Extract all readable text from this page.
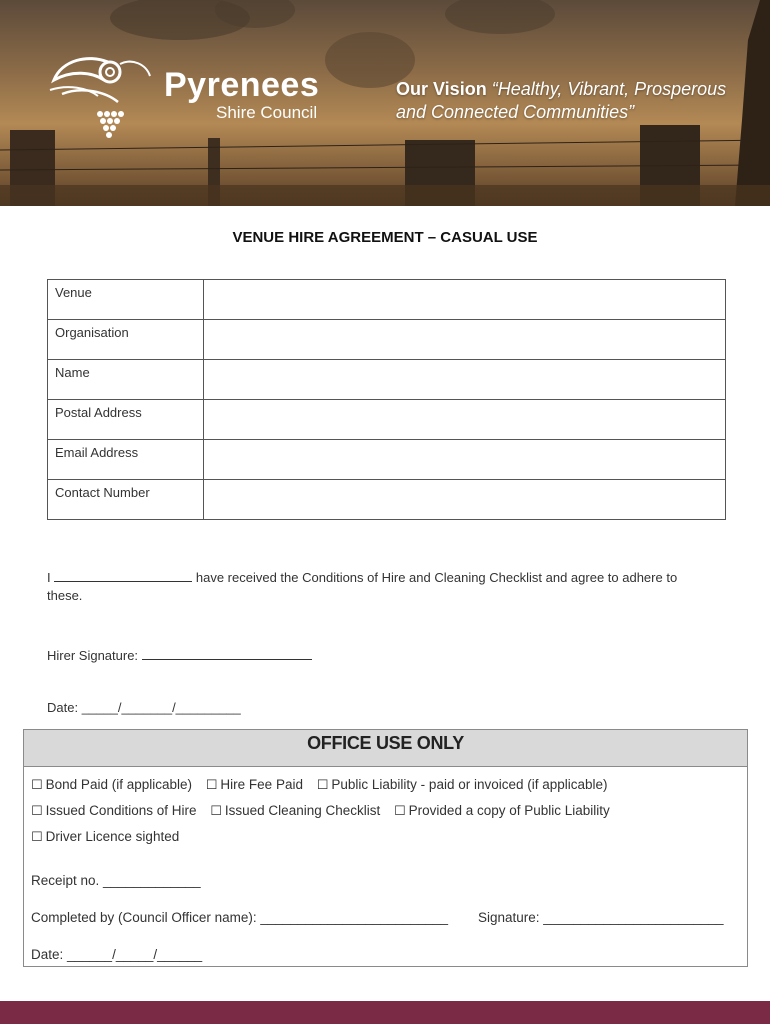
Pyrenees
Shire Council
Our Vision “Healthy, Vibrant, Prosperous
and Connected Communities”
VENUE HIRE AGREEMENT – CASUAL USE
Venue	
Organisation	
Name	
Postal Address	
Email Address	
Contact Number	
I	have received the Conditions of Hire and Cleaning Checklist and agree to adhere to these.
Hirer Signature:
Date: _____/_______/_________
OFFICE USE ONLY
☐ Bond Paid (if applicable) ☐ Hire Fee Paid ☐ Public Liability - paid or invoiced (if applicable)
☐ Issued Conditions of Hire ☐ Issued Cleaning Checklist ☐ Provided a copy of Public Liability
☐ Driver Licence sighted
Receipt no. _____________
Completed by (Council Officer name): _________________________ Signature: ________________________
Date: ______/_____/______
